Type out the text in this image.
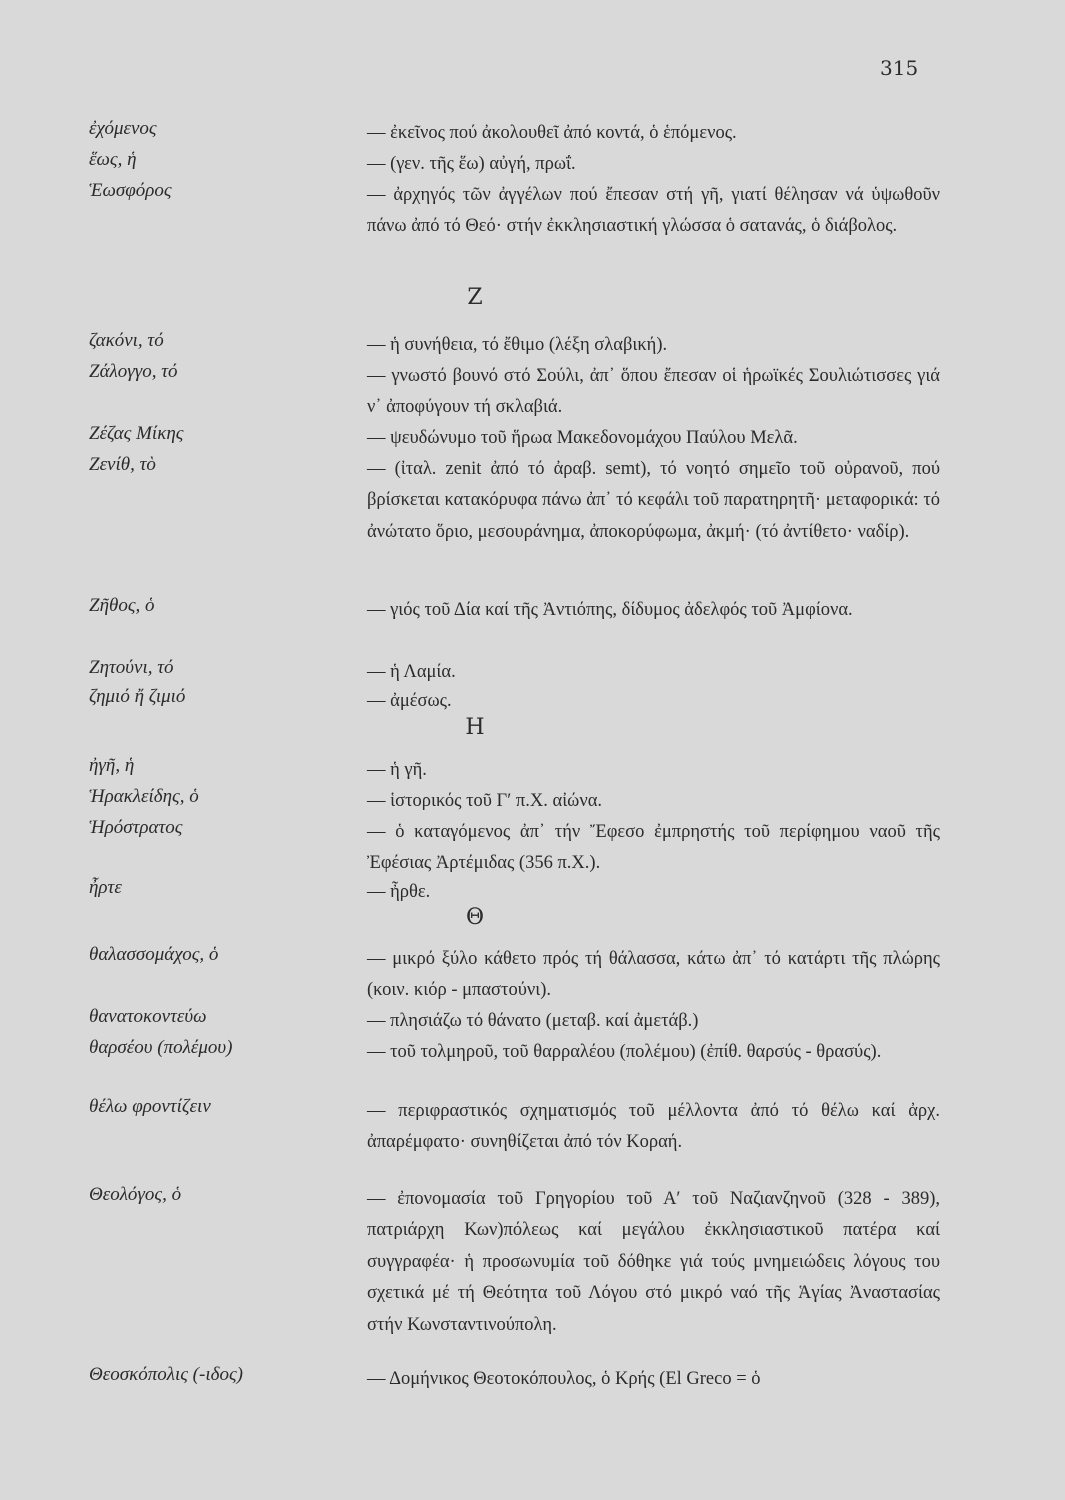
315
ἐχόμενος	— ἐκεῖνος πού ἀκολουθεῖ ἀπό κοντά, ὁ ἑπόμενος.
ἕως, ἡ	— (γεν. τῆς ἕω) αὐγή, πρωΐ.
Ἑωσφόρος	— ἀρχηγός τῶν ἀγγέλων πού ἔπεσαν στή γῆ, γιατί θέλησαν νά ὑψωθοῦν πάνω ἀπό τό Θεό· στήν ἐκκλησιαστική γλώσσα ὁ σατανάς, ὁ διάβολος.
Ζ
ζακόνι, τό	— ἡ συνήθεια, τό ἔθιμο (λέξη σλαβική).
Ζάλογγο, τό	— γνωστό βουνό στό Σούλι, ἀπ᾽ ὅπου ἔπεσαν οἱ ἡρωϊκές Σουλιώτισσες γιά ν᾽ ἀποφύγουν τή σκλαβιά.
Ζέζας Μίκης	— ψευδώνυμο τοῦ ἥρωα Μακεδονομάχου Παύλου Μελᾶ.
Ζενίθ, τὸ	— (ἰταλ. zenit ἀπό τό ἀραβ. semt), τό νοητό σημεῖο τοῦ οὐρανοῦ, πού βρίσκεται κατακόρυφα πάνω ἀπ᾽ τό κεφάλι τοῦ παρατηρητῆ· μεταφορικά: τό ἀνώτατο ὅριο, μεσουράνημα, ἀποκορύφωμα, ἀκμή· (τό ἀντίθετο· ναδίρ).
Ζῆθος, ὁ	— γιός τοῦ Δία καί τῆς Ἀντιόπης, δίδυμος ἀδελφός τοῦ Ἀμφίονα.
Ζητούνι, τό	— ἡ Λαμία.
ζημιό ἤ ζιμιό	— ἀμέσως.
Η
ἠγῆ, ἡ	— ἡ γῆ.
Ἡρακλείδης, ὁ	— ἱστορικός τοῦ Γ′ π.Χ. αἰώνα.
Ἡρόστρατος	— ὁ καταγόμενος ἀπ᾽ τήν Ἔφεσο ἐμπρηστής τοῦ περίφημου ναοῦ τῆς Ἐφέσιας Ἀρτέμιδας (356 π.Χ.).
ἦρτε	— ἦρθε.
Θ
θαλασσομάχος, ὁ	— μικρό ξύλο κάθετο πρός τή θάλασσα, κάτω ἀπ᾽ τό κατάρτι τῆς πλώρης (κοιν. κιόρ - μπαστούνι).
θανατοκοντεύω	— πλησιάζω τό θάνατο (μεταβ. καί ἀμετάβ.)
θαρσέου (πολέμου)	— τοῦ τολμηροῦ, τοῦ θαρραλέου (πολέμου) (ἐπίθ. θαρσύς - θρασύς).
θέλω φροντίζειν	— περιφραστικός σχηματισμός τοῦ μέλλοντα ἀπό τό θέλω καί ἀρχ. ἀπαρέμφατο· συνηθίζεται ἀπό τόν Κοραή.
Θεολόγος, ὁ	— ἐπονομασία τοῦ Γρηγορίου τοῦ Α′ τοῦ Ναζιανζηνοῦ (328 - 389), πατριάρχη Κων)πόλεως καί μεγάλου ἐκκλησιαστικοῦ πατέρα καί συγγραφέα· ἡ προσωνυμία τοῦ δόθηκε γιά τούς μνημειώδεις λόγους του σχετικά μέ τή Θεότητα τοῦ Λόγου στό μικρό ναό τῆς Ἁγίας Ἀναστασίας στήν Κωνσταντινούπολη.
Θεοσκόπολις (-ιδος)	— Δομήνικος Θεοτοκόπουλος, ὁ Κρής (El Greco = ὁ
